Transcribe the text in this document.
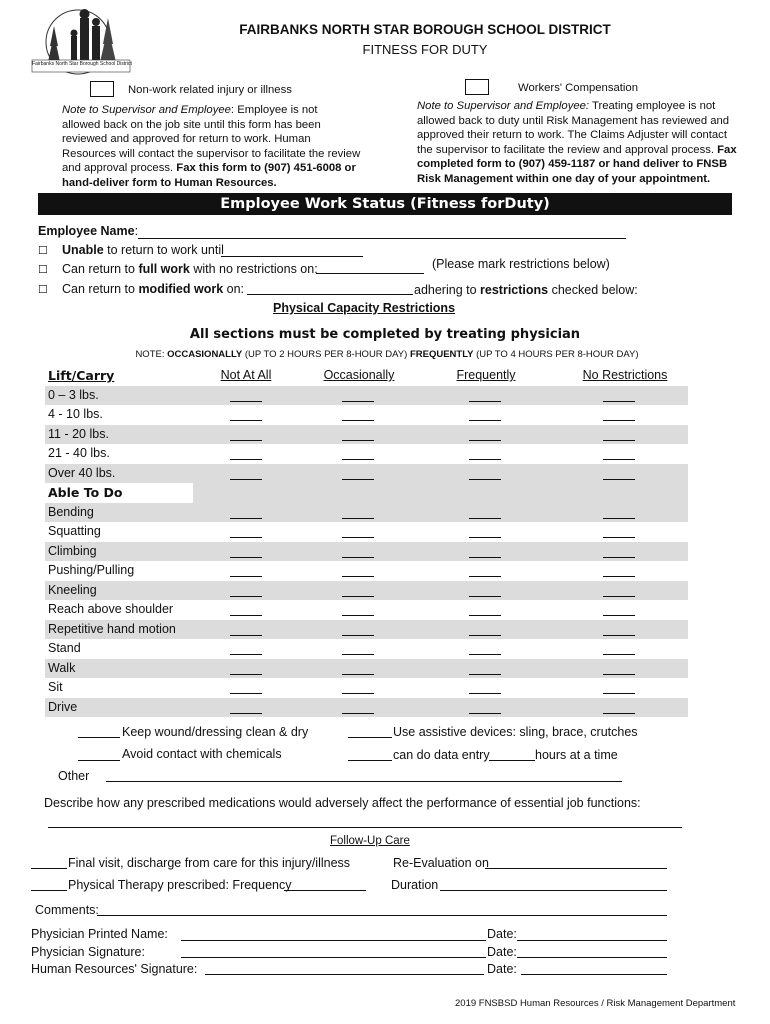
Fairbanks North Star Borough School District
FAIRBANKS NORTH STAR BOROUGH SCHOOL DISTRICT
FITNESS FOR DUTY
Non-work related injury or illness	Workers' Compensation
Note to Supervisor and Employee: Employee is not
allowed back on the job site until this form has been
reviewed and approved for return to work. Human
Resources will contact the supervisor to facilitate the review
and approval process. Fax this form to (907) 451-6008 or
hand-deliver form to Human Resources.
Note to Supervisor and Employee: Treating employee is not
allowed back to duty until Risk Management has reviewed and
approved their return to work. The Claims Adjuster will contact
the supervisor to facilitate the review and approval process. Fax
completed form to (907) 459-1187 or hand deliver to FNSB
Risk Management within one day of your appointment.
Employee Work Status (Fitness forDuty)
Employee Name:
☐ Unable to return to work until
☐ Can return to full work with no restrictions on:	(Please mark restrictions below)
☐ Can return to modified work on:	adhering to restrictions checked below:
Physical Capacity Restrictions
All sections must be completed by treating physician
NOTE: OCCASIONALLY (UP TO 2 HOURS PER 8-HOUR DAY) FREQUENTLY (UP TO 4 HOURS PER 8-HOUR DAY)
Not At All	Occasionally	Frequently	No Restrictions
Lift/Carry
0 – 3 lbs.
4 - 10 lbs.
11 - 20 lbs.
21 - 40 lbs.
Over 40 lbs.
Able To Do
Bending
Squatting
Climbing
Pushing/Pulling
Kneeling
Reach above shoulder
Repetitive hand motion
Stand
Walk
Sit
Drive
Keep wound/dressing clean & dry	Use assistive devices: sling, brace, crutches
Avoid contact with chemicals	can do data entry	hours at a time
Other
Describe how any prescribed medications would adversely affect the performance of essential job functions:
Follow-Up Care
Final visit, discharge from care for this injury/illness	Re-Evaluation on
Physical Therapy prescribed: Frequency	Duration
Comments:
Physician Printed Name:	Date:
Physician Signature:	Date:
Human Resources' Signature:	Date:
2019 FNSBSD Human Resources / Risk Management Department
